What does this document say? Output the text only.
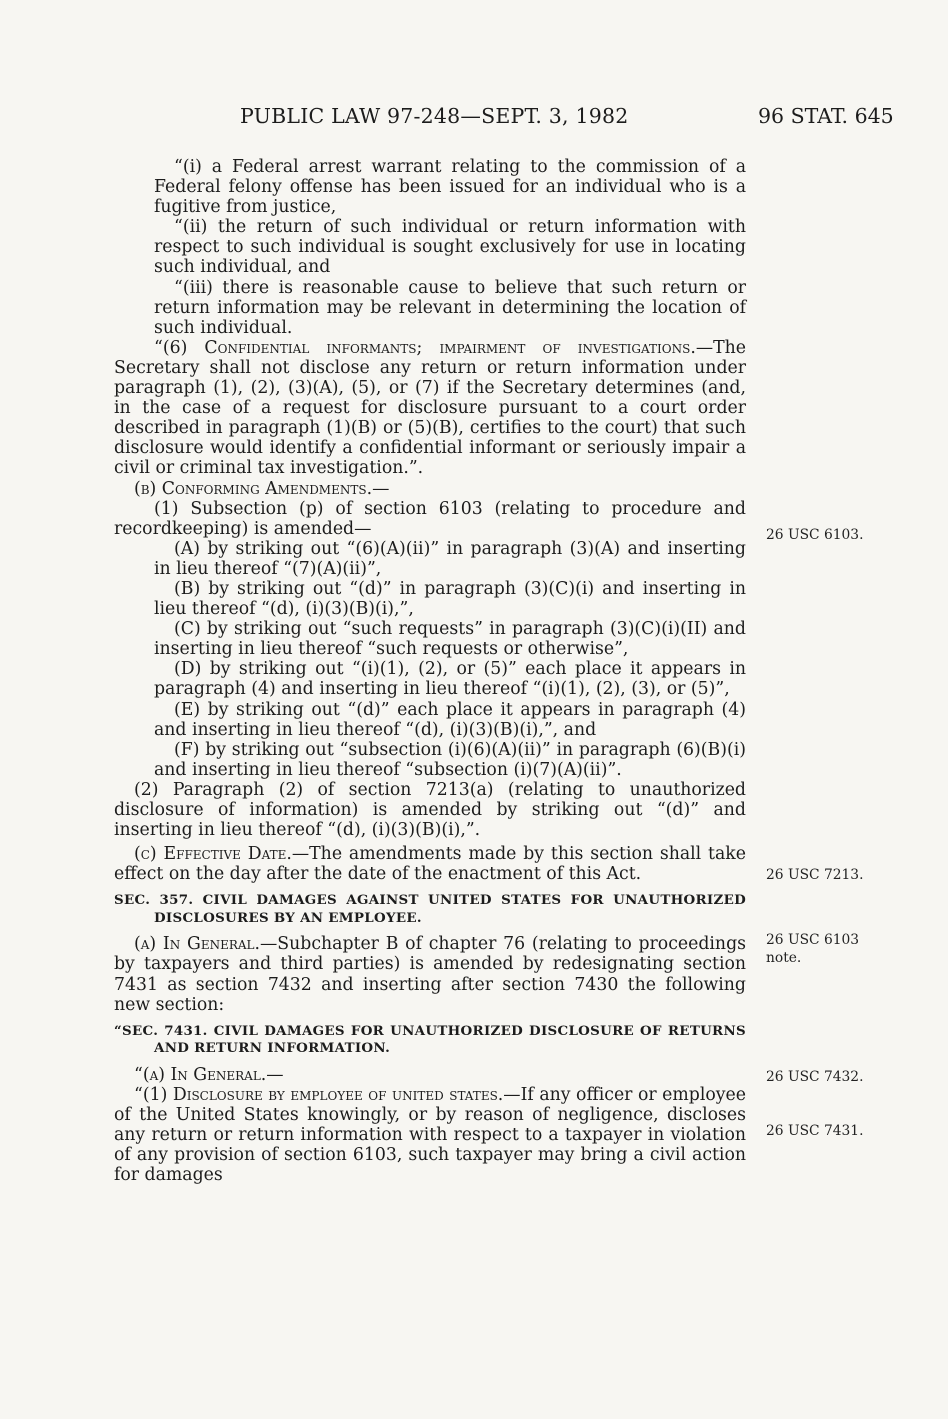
PUBLIC LAW 97-248—SEPT. 3, 1982	96 STAT. 645

“(i) a Federal arrest warrant relating to the commission of a Federal felony offense has been issued for an individual who is a fugitive from justice,

“(ii) the return of such individual or return information with respect to such individual is sought exclusively for use in locating such individual, and

“(iii) there is reasonable cause to believe that such return or return information may be relevant in determining the location of such individual.

“(6) Confidential informants; impairment of investigations.—The Secretary shall not disclose any return or return information under paragraph (1), (2), (3)(A), (5), or (7) if the Secretary determines (and, in the case of a request for disclosure pursuant to a court order described in paragraph (1)(B) or (5)(B), certifies to the court) that such disclosure would identify a confidential informant or seriously impair a civil or criminal tax investigation.”.

(b) Conforming Amendments.—

(1) Subsection (p) of section 6103 (relating to procedure and recordkeeping) is amended—

(A) by striking out “(6)(A)(ii)” in paragraph (3)(A) and inserting in lieu thereof “(7)(A)(ii)”,

(B) by striking out “(d)” in paragraph (3)(C)(i) and inserting in lieu thereof “(d), (i)(3)(B)(i),”,

(C) by striking out “such requests” in paragraph (3)(C)(i)(II) and inserting in lieu thereof “such requests or otherwise”,

(D) by striking out “(i)(1), (2), or (5)” each place it appears in paragraph (4) and inserting in lieu thereof “(i)(1), (2), (3), or (5)”,

(E) by striking out “(d)” each place it appears in paragraph (4) and inserting in lieu thereof “(d), (i)(3)(B)(i),”, and

(F) by striking out “subsection (i)(6)(A)(ii)” in paragraph (6)(B)(i) and inserting in lieu thereof “subsection (i)(7)(A)(ii)”.

(2) Paragraph (2) of section 7213(a) (relating to unauthorized disclosure of information) is amended by striking out “(d)” and inserting in lieu thereof “(d), (i)(3)(B)(i),”.

(c) Effective Date.—The amendments made by this section shall take effect on the day after the date of the enactment of this Act.

SEC. 357. CIVIL DAMAGES AGAINST UNITED STATES FOR UNAUTHORIZED DISCLOSURES BY AN EMPLOYEE.

(a) In General.—Subchapter B of chapter 76 (relating to proceedings by taxpayers and third parties) is amended by redesignating section 7431 as section 7432 and inserting after section 7430 the following new section:

“SEC. 7431. CIVIL DAMAGES FOR UNAUTHORIZED DISCLOSURE OF RETURNS AND RETURN INFORMATION.

“(a) In General.—

“(1) Disclosure by employee of united states.—If any officer or employee of the United States knowingly, or by reason of negligence, discloses any return or return information with respect to a taxpayer in violation of any provision of section 6103, such taxpayer may bring a civil action for damages

26 USC 6103.
26 USC 7213.
26 USC 6103
note.
26 USC 7432.
26 USC 7431.
